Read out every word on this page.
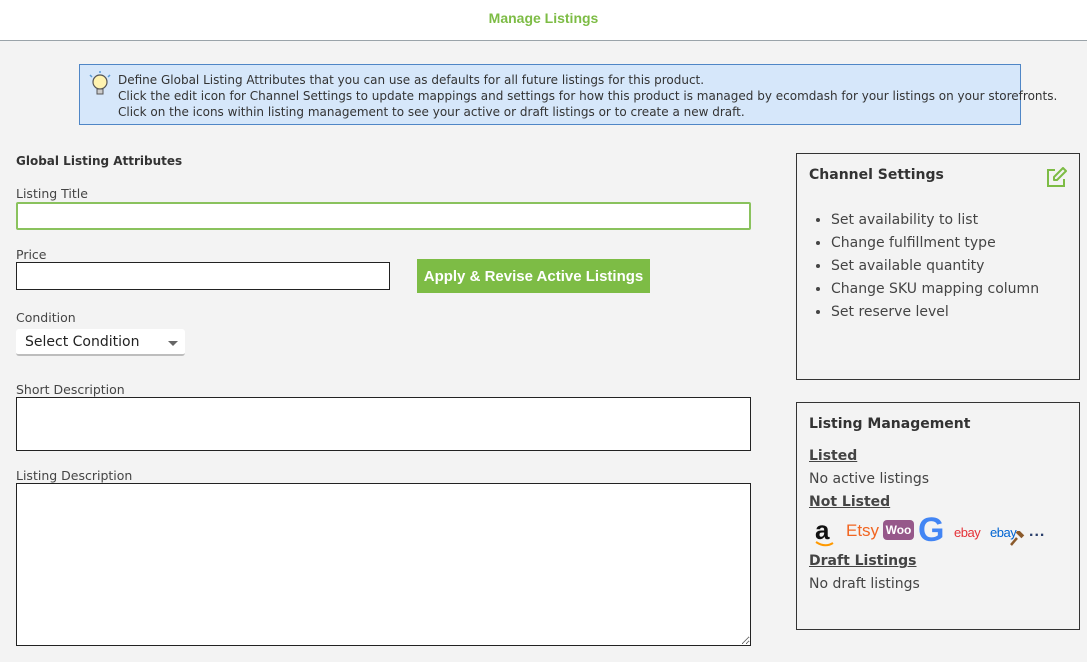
Manage Listings
Define Global Listing Attributes that you can use as defaults for all future listings for this product.
Click the edit icon for Channel Settings to update mappings and settings for how this product is managed by ecomdash for your listings on your storefronts.
Click on the icons within listing management to see your active or draft listings or to create a new draft.
Global Listing Attributes
Listing Title
Price
Apply & Revise Active Listings
Condition
Select Condition
Short Description
Listing Description
Channel Settings
• Set availability to list
• Change fulfillment type
• Set available quantity
• Change SKU mapping column
• Set reserve level
Listing Management
Listed
No active listings
Not Listed
a Etsy Woo G ebay ebay ...
Draft Listings
No draft listings
